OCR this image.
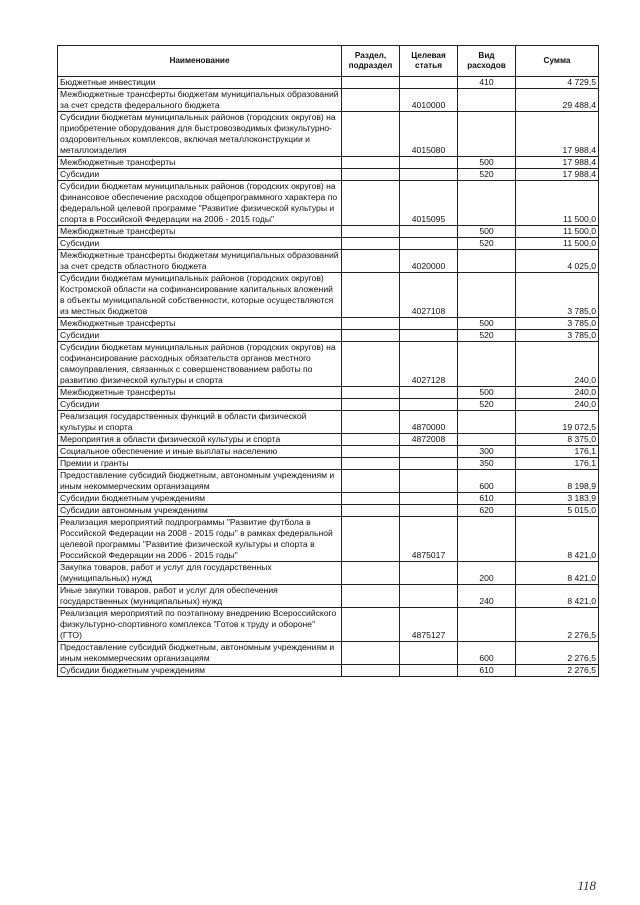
Наименование	Раздел, подраздел	Целевая статья	Вид расходов	Сумма
Бюджетные инвестиции			410	4 729,5
Межбюджетные трансферты бюджетам муниципальных образований за счет средств федерального бюджета		4010000		29 488,4
Субсидии бюджетам муниципальных районов (городских округов) на приобретение оборудования для быстровозводимых физкультурно-оздоровительных комплексов, включая металлоконструкции и металлоизделия		4015080		17 988,4
Межбюджетные трансферты			500	17 988,4
Субсидии			520	17 988,4
Субсидии бюджетам муниципальных районов (городских округов) на финансовое обеспечение расходов общепрограммного характера по федеральной целевой программе "Развитие физической культуры и спорта в Российской Федерации на 2006 - 2015 годы"		4015095		11 500,0
Межбюджетные трансферты			500	11 500,0
Субсидии			520	11 500,0
Межбюджетные трансферты бюджетам муниципальных образований за счет средств областного бюджета		4020000		4 025,0
Субсидии бюджетам муниципальных районов (городских округов) Костромской области на софинансирование капитальных вложений в объекты муниципальной собственности, которые осуществляются из местных бюджетов		4027108		3 785,0
Межбюджетные трансферты			500	3 785,0
Субсидии			520	3 785,0
Субсидии бюджетам муниципальных районов (городских округов) на софинансирование расходных обязательств органов местного самоуправления, связанных с совершенствованием работы по развитию физической культуры и спорта		4027128		240,0
Межбюджетные трансферты			500	240,0
Субсидии			520	240,0
Реализация государственных функций в области физической культуры и спорта		4870000		19 072,5
Мероприятия в области физической культуры и спорта		4872008		8 375,0
Социальное обеспечение и иные выплаты населению			300	176,1
Премии и гранты			350	176,1
Предоставление субсидий бюджетным, автономным учреждениям и иным некоммерческим организациям			600	8 198,9
Субсидии бюджетным учреждениям			610	3 183,9
Субсидии автономным учреждениям			620	5 015,0
Реализация мероприятий подпрограммы "Развитие футбола в Российской Федерации на 2008 - 2015 годы" в рамках федеральной целевой программы "Развитие физической культуры и спорта в Российской Федерации на 2006 - 2015 годы"		4875017		8 421,0
Закупка товаров, работ и услуг для государственных (муниципальных) нужд			200	8 421,0
Иные закупки товаров, работ и услуг для обеспечения государственных (муниципальных) нужд			240	8 421,0
Реализация мероприятий по поэтапному внедрению Всероссийского физкультурно-спортивного комплекса "Готов к труду и обороне" (ГТО)		4875127		2 276,5
Предоставление субсидий бюджетным, автономным учреждениям и иным некоммерческим организациям			600	2 276,5
Субсидии бюджетным учреждениям			610	2 276,5
118
